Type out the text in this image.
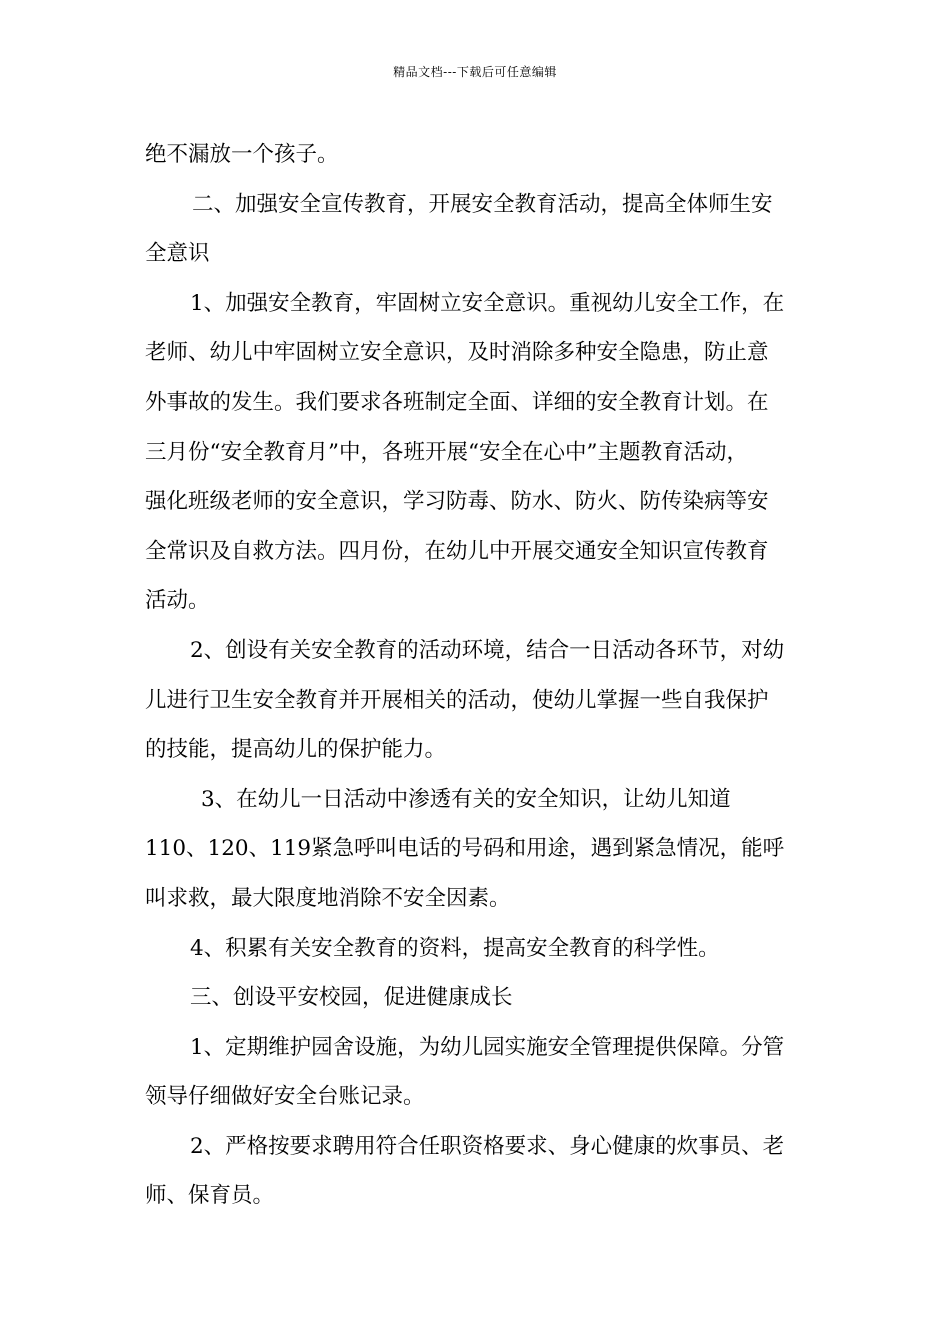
精品文档---下载后可任意编辑
绝不漏放一个孩子。
二、加强安全宣传教育，开展安全教育活动，提高全体师生安
全意识
1、加强安全教育，牢固树立安全意识。重视幼儿安全工作，在
老师、幼儿中牢固树立安全意识，及时消除多种安全隐患，防止意
外事故的发生。我们要求各班制定全面、详细的安全教育计划。在
三月份“安全教育月”中，各班开展“安全在心中”主题教育活动，
强化班级老师的安全意识，学习防毒、防水、防火、防传染病等安
全常识及自救方法。四月份，在幼儿中开展交通安全知识宣传教育
活动。
2、创设有关安全教育的活动环境，结合一日活动各环节，对幼
儿进行卫生安全教育并开展相关的活动，使幼儿掌握一些自我保护
的技能，提高幼儿的保护能力。
3、在幼儿一日活动中渗透有关的安全知识，让幼儿知道
110、120、119紧急呼叫电话的号码和用途，遇到紧急情况，能呼
叫求救，最大限度地消除不安全因素。
4、积累有关安全教育的资料，提高安全教育的科学性。
三、创设平安校园，促进健康成长
1、定期维护园舍设施，为幼儿园实施安全管理提供保障。分管
领导仔细做好安全台账记录。
2、严格按要求聘用符合任职资格要求、身心健康的炊事员、老
师、保育员。
